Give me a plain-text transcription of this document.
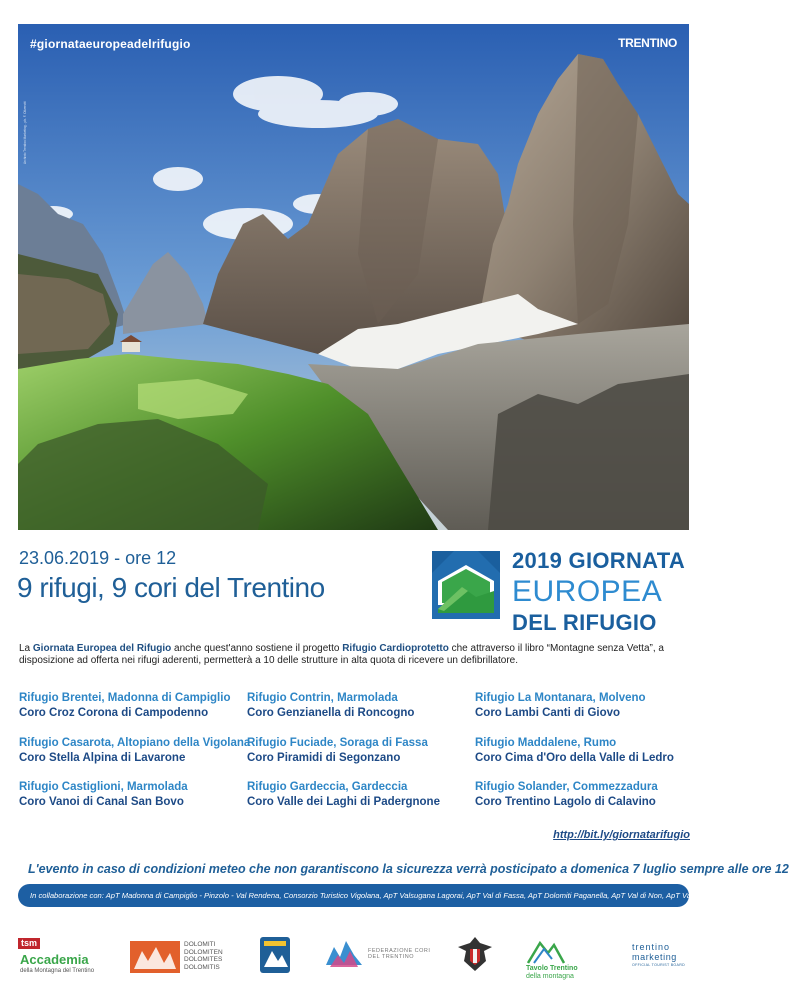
Archivio Trentino Marketing - ph. F. Oliverotti
#giornataeuropeadelrifugio	TRENTINO
23.06.2019 - ore 12
9 rifugi, 9 cori del Trentino
2019 GIORNATA
EUROPEA
DEL RIFUGIO

La Giornata Europea del Rifugio anche quest'anno sostiene il progetto Rifugio Cardioprotetto che attraverso il libro “Montagne senza Vetta”, a disposizione ad offerta nei rifugi aderenti, permetterà a 10 delle strutture in alta quota di ricevere un defibrillatore.

Rifugio Brentei, Madonna di Campiglio
Coro Croz Corona di Campodenno
Rifugio Contrin, Marmolada
Coro Genzianella di Roncogno
Rifugio La Montanara, Molveno
Coro Lambi Canti di Giovo
Rifugio Casarota, Altopiano della Vigolana
Coro Stella Alpina di Lavarone
Rifugio Fuciade, Soraga di Fassa
Coro Piramidi di Segonzano
Rifugio Maddalene, Rumo
Coro Cima d'Oro della Valle di Ledro
Rifugio Castiglioni, Marmolada
Coro Vanoi di Canal San Bovo
Rifugio Gardeccia, Gardeccia
Coro Valle dei Laghi di Padergnone
Rifugio Solander, Commezzadura
Coro Trentino Lagolo di Calavino
http://bit.ly/giornatarifugio
L'evento in caso di condizioni meteo che non garantiscono la sicurezza verrà posticipato a domenica 7 luglio sempre alle ore 12
In collaborazione con: ApT Madonna di Campiglio - Pinzolo - Val Rendena, Consorzio Turistico Vigolana, ApT Valsugana Lagorai, ApT Val di Fassa, ApT Dolomiti Paganella, ApT Val di Non, ApT Val di Sole
tsm
Accademia
della Montagna del Trentino
DOLOMITI
DOLOMITEN
DOLOMITES
DOLOMITIS
FEDERAZIONE CORI DEL TRENTINO
Tavolo Trentino
della montagna
trentino
marketing
OFFICIAL TOURIST BOARD
